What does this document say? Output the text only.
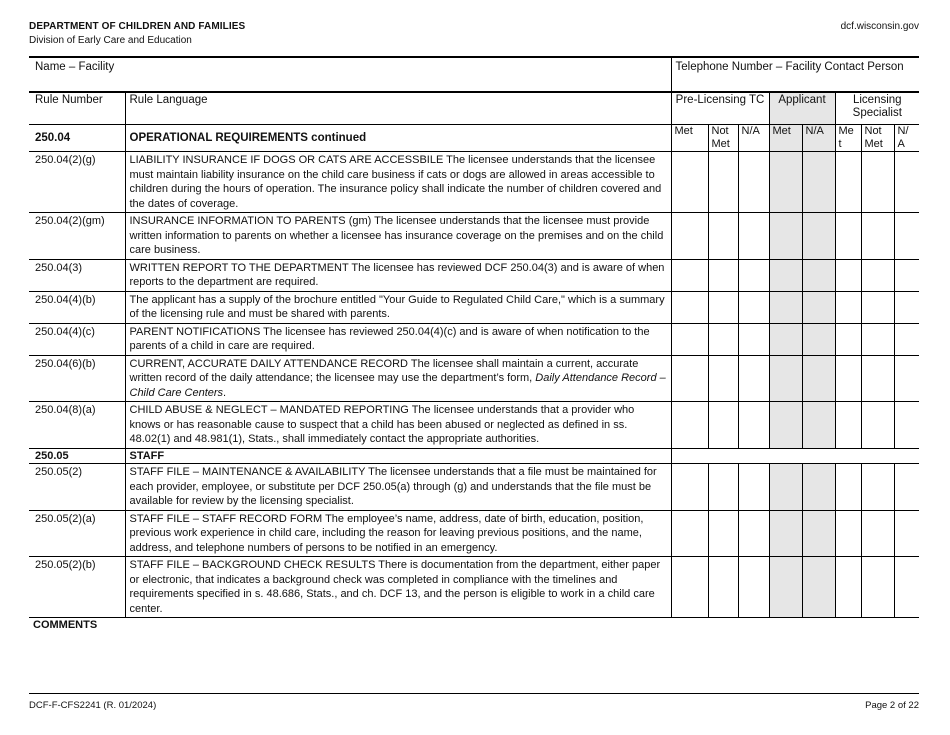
DEPARTMENT OF CHILDREN AND FAMILIES
Division of Early Care and Education
dcf.wisconsin.gov
Name – Facility		Telephone Number – Facility Contact Person							
Rule Number	Rule Language	Pre-Licensing TC			Applicant		Licensing Specialist		
250.04	OPERATIONAL REQUIREMENTS continued	Met	Not Met	N/A	Met	N/A	Me t	Not Met	N/ A
250.04(2)(g)	LIABILITY INSURANCE IF DOGS OR CATS ARE ACCESSBILE The licensee understands that the licensee must maintain liability insurance on the child care business if cats or dogs are allowed in areas accessible to children during the hours of operation. The insurance policy shall indicate the number of children covered and the dates of coverage.								
250.04(2)(gm)	INSURANCE INFORMATION TO PARENTS (gm) The licensee understands that the licensee must provide written information to parents on whether a licensee has insurance coverage on the premises and on the child care business.								
250.04(3)	WRITTEN REPORT TO THE DEPARTMENT The licensee has reviewed DCF 250.04(3) and is aware of when reports to the department are required.								
250.04(4)(b)	The applicant has a supply of the brochure entitled "Your Guide to Regulated Child Care," which is a summary of the licensing rule and must be shared with parents.								
250.04(4)(c)	PARENT NOTIFICATIONS The licensee has reviewed 250.04(4)(c) and is aware of when notification to the parents of a child in care are required.								
250.04(6)(b)	CURRENT, ACCURATE DAILY ATTENDANCE RECORD The licensee shall maintain a current, accurate written record of the daily attendance; the licensee may use the department’s form, Daily Attendance Record – Child Care Centers.								
250.04(8)(a)	CHILD ABUSE & NEGLECT – MANDATED REPORTING The licensee understands that a provider who knows or has reasonable cause to suspect that a child has been abused or neglected as defined in ss. 48.02(1) and 48.981(1), Stats., shall immediately contact the appropriate authorities.								
250.05	STAFF								
250.05(2)	STAFF FILE – MAINTENANCE & AVAILABILITY The licensee understands that a file must be maintained for each provider, employee, or substitute per DCF 250.05(a) through (g) and understands that the file must be available for review by the licensing specialist.								
250.05(2)(a)	STAFF FILE – STAFF RECORD FORM The employee’s name, address, date of birth, education, position, previous work experience in child care, including the reason for leaving previous positions, and the name, address, and telephone numbers of persons to be notified in an emergency.								
250.05(2)(b)	STAFF FILE – BACKGROUND CHECK RESULTS There is documentation from the department, either paper or electronic, that indicates a background check was completed in compliance with the timelines and requirements specified in s. 48.686, Stats., and ch. DCF 13, and the person is eligible to work in a child care center.								
COMMENTS									
DCF-F-CFS2241 (R. 01/2024)	Page 2 of 22
